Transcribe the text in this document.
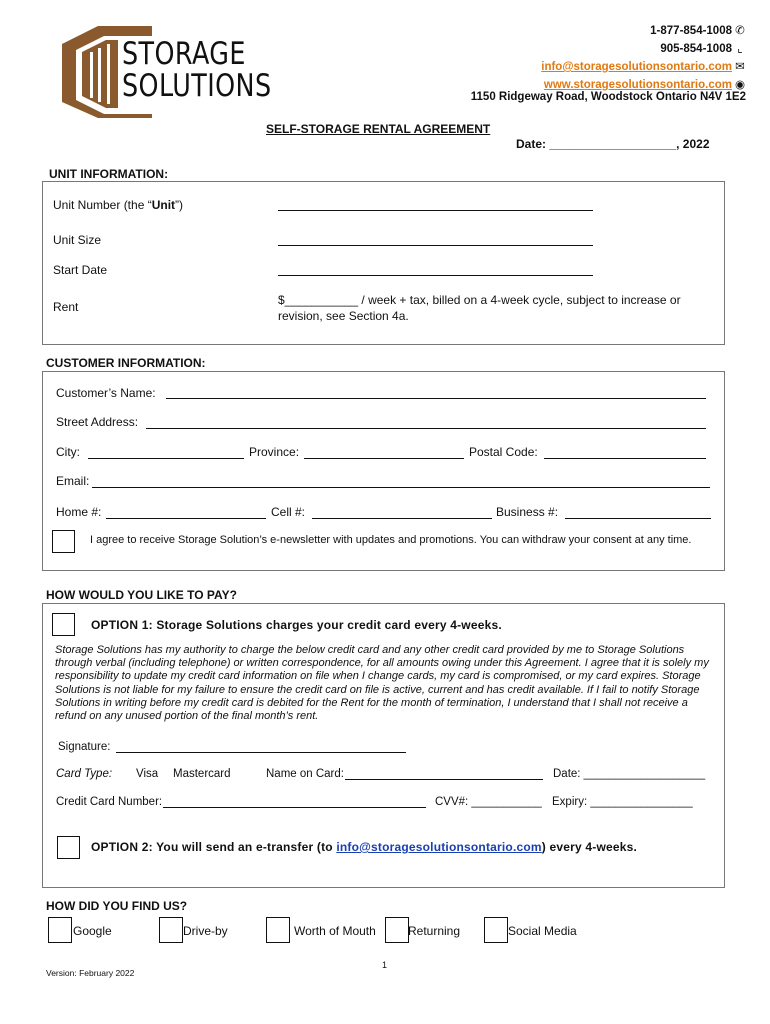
STORAGE
SOLUTIONS
1-877-854-1008 ✆
905-854-1008 ⌞
info@storagesolutionsontario.com ✉
www.storagesolutionsontario.com ◉
1150 Ridgeway Road, Woodstock Ontario N4V 1E2
SELF-STORAGE RENTAL AGREEMENT
Date: ___________________, 2022
UNIT INFORMATION:
Unit Number (the “Unit”)
Unit Size
Start Date
Rent	$___________ / week + tax, billed on a 4-week cycle, subject to increase or revision, see Section 4a.
CUSTOMER INFORMATION:
Customer’s Name:
Street Address:
City:	Province:	Postal Code:
Email:
Home #:	Cell #:	Business #:
I agree to receive Storage Solution’s e-newsletter with updates and promotions. You can withdraw your consent at any time.
HOW WOULD YOU LIKE TO PAY?
OPTION 1: Storage Solutions charges your credit card every 4-weeks.
Storage Solutions has my authority to charge the below credit card and any other credit card provided by me to Storage Solutions through verbal (including telephone) or written correspondence, for all amounts owing under this Agreement. I agree that it is solely my responsibility to update my credit card information on file when I change cards, my card is compromised, or my card expires. Storage Solutions is not liable for my failure to ensure the credit card on file is active, current and has credit available. If I fail to notify Storage Solutions in writing before my credit card is debited for the Rent for the month of termination, I understand that I shall not receive a refund on any unused portion of the final month’s rent.
Signature:
Card Type: Visa Mastercard	Name on Card:	Date: ___________________
Credit Card Number:	CVV#: ___________ Expiry: ________________
OPTION 2: You will send an e-transfer (to info@storagesolutionsontario.com) every 4-weeks.
HOW DID YOU FIND US?
Google	Drive-by	Worth of Mouth	Returning	Social Media
1
Version: February 2022
